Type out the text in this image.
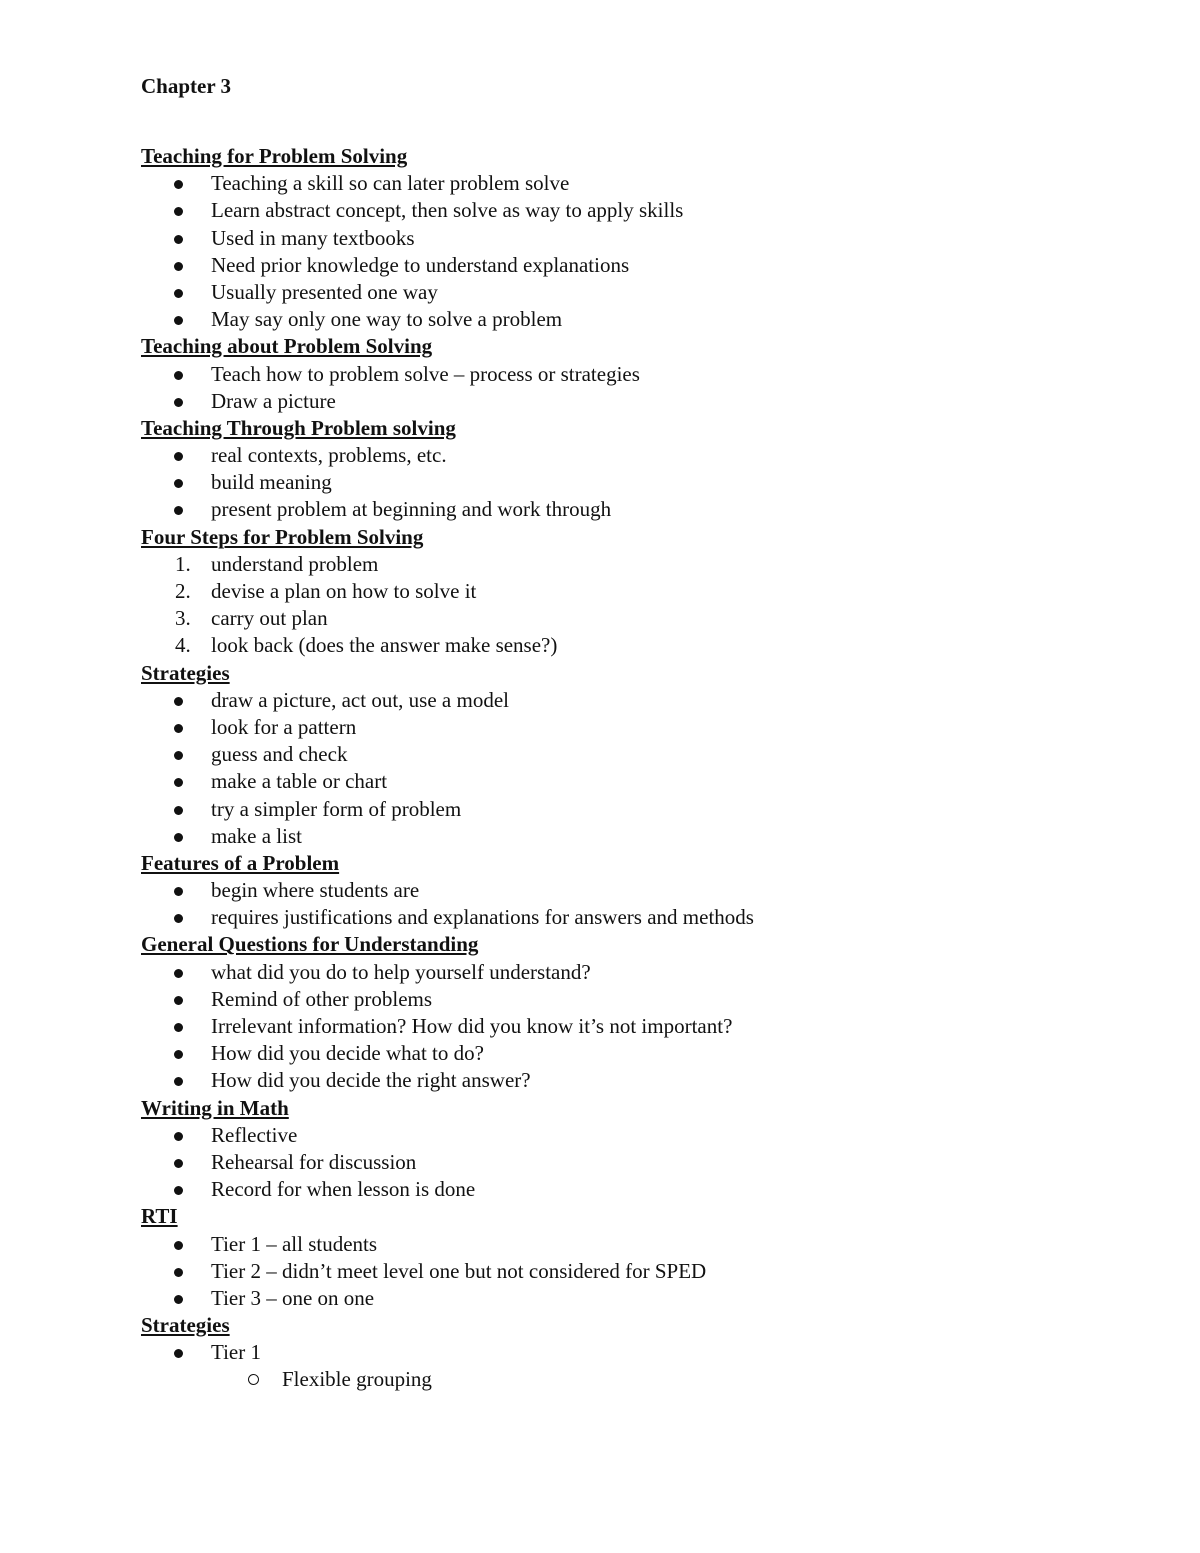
Chapter 3
Teaching for Problem Solving
Teaching a skill so can later problem solve
Learn abstract concept, then solve as way to apply skills
Used in many textbooks
Need prior knowledge to understand explanations
Usually presented one way
May say only one way to solve a problem
Teaching about Problem Solving
Teach how to problem solve – process or strategies
Draw a picture
Teaching Through Problem solving
real contexts, problems, etc.
build meaning
present problem at beginning and work through
Four Steps for Problem Solving
1. understand problem
2. devise a plan on how to solve it
3. carry out plan
4. look back (does the answer make sense?)
Strategies
draw a picture, act out, use a model
look for a pattern
guess and check
make a table or chart
try a simpler form of problem
make a list
Features of a Problem
begin where students are
requires justifications and explanations for answers and methods
General Questions for Understanding
what did you do to help yourself understand?
Remind of other problems
Irrelevant information? How did you know it’s not important?
How did you decide what to do?
How did you decide the right answer?
Writing in Math
Reflective
Rehearsal for discussion
Record for when lesson is done
RTI
Tier 1 – all students
Tier 2 – didn’t meet level one but not considered for SPED
Tier 3 – one on one
Strategies
Tier 1
Flexible grouping
